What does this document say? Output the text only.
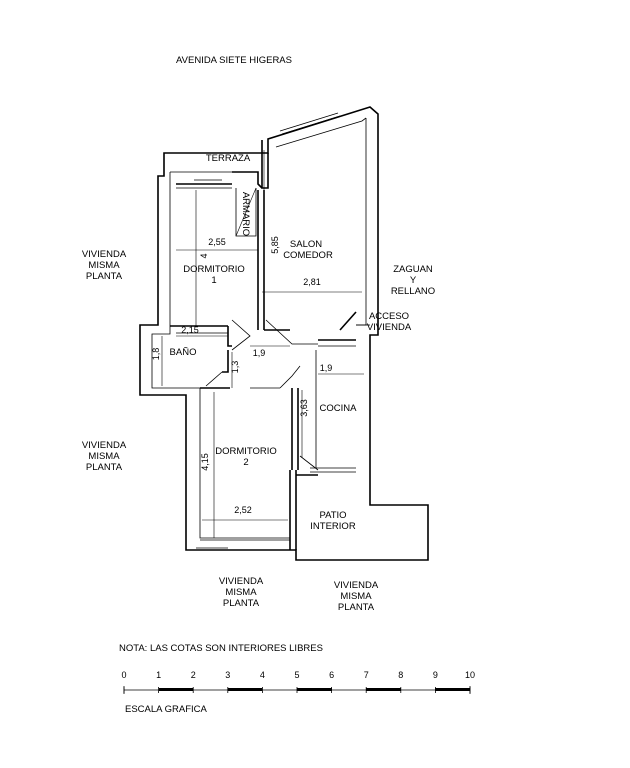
AVENIDA SIETE HIGERAS
TERRAZA
ARMARIO
SALON
COMEDOR
DORMITORIO
1
BAÑO
COCINA
DORMITORIO
2
PATIO
INTERIOR
VIVIENDA
MISMA
PLANTA
VIVIENDA
MISMA
PLANTA
VIVIENDA
MISMA
PLANTA
VIVIENDA
MISMA
PLANTA
ZAGUAN
Y
RELLANO
ACCESO
VIVIENDA
2,55
4
5,85
2,81
2,15
1,8	1,9
1,3	1,9
3,63
4,15
2,52
NOTA: LAS COTAS SON INTERIORES LIBRES
0	1	2	3	4	5	6	7	8	9	10
ESCALA GRAFICA
